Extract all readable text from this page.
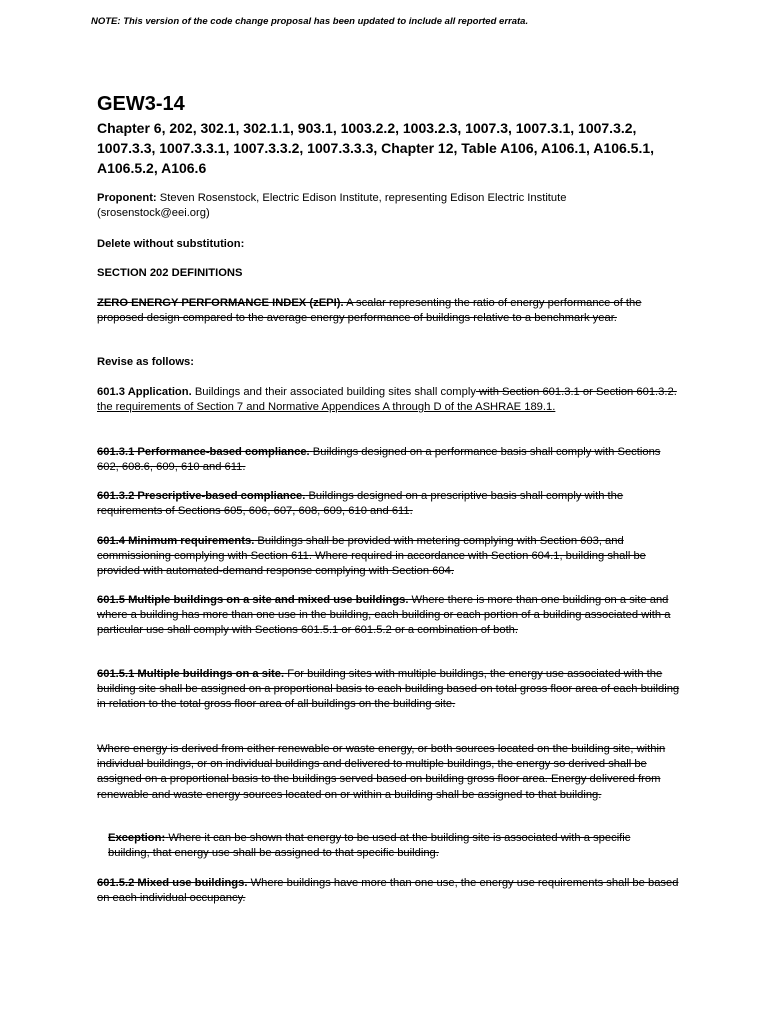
NOTE: This version of the code change proposal has been updated to include all reported errata.
GEW3-14
Chapter 6, 202, 302.1, 302.1.1, 903.1, 1003.2.2, 1003.2.3, 1007.3, 1007.3.1, 1007.3.2, 1007.3.3, 1007.3.3.1, 1007.3.3.2, 1007.3.3.3, Chapter 12, Table A106, A106.1, A106.5.1, A106.5.2, A106.6
Proponent: Steven Rosenstock, Electric Edison Institute, representing Edison Electric Institute (srosenstock@eei.org)
Delete without substitution:
SECTION 202 DEFINITIONS
ZERO ENERGY PERFORMANCE INDEX (zEPI). A scalar representing the ratio of energy performance of the proposed design compared to the average energy performance of buildings relative to a benchmark year.
Revise as follows:
601.3 Application. Buildings and their associated building sites shall comply with Section 601.3.1 or Section 601.3.2. the requirements of Section 7 and Normative Appendices A through D of the ASHRAE 189.1.
601.3.1 Performance-based compliance. Buildings designed on a performance basis shall comply with Sections 602, 608.6, 609, 610 and 611.
601.3.2 Prescriptive-based compliance. Buildings designed on a prescriptive basis shall comply with the requirements of Sections 605, 606, 607, 608, 609, 610 and 611.
601.4 Minimum requirements. Buildings shall be provided with metering complying with Section 603, and commissioning complying with Section 611. Where required in accordance with Section 604.1, building shall be provided with automated-demand response complying with Section 604.
601.5 Multiple buildings on a site and mixed use buildings. Where there is more than one building on a site and where a building has more than one use in the building, each building or each portion of a building associated with a particular use shall comply with Sections 601.5.1 or 601.5.2 or a combination of both.
601.5.1 Multiple buildings on a site. For building sites with multiple buildings, the energy use associated with the building site shall be assigned on a proportional basis to each building based on total gross floor area of each building in relation to the total gross floor area of all buildings on the building site.
Where energy is derived from either renewable or waste energy, or both sources located on the building site, within individual buildings, or on individual buildings and delivered to multiple buildings, the energy so derived shall be assigned on a proportional basis to the buildings served based on building gross floor area. Energy delivered from renewable and waste energy sources located on or within a building shall be assigned to that building.
Exception: Where it can be shown that energy to be used at the building site is associated with a specific building, that energy use shall be assigned to that specific building.
601.5.2 Mixed use buildings. Where buildings have more than one use, the energy use requirements shall be based on each individual occupancy.
